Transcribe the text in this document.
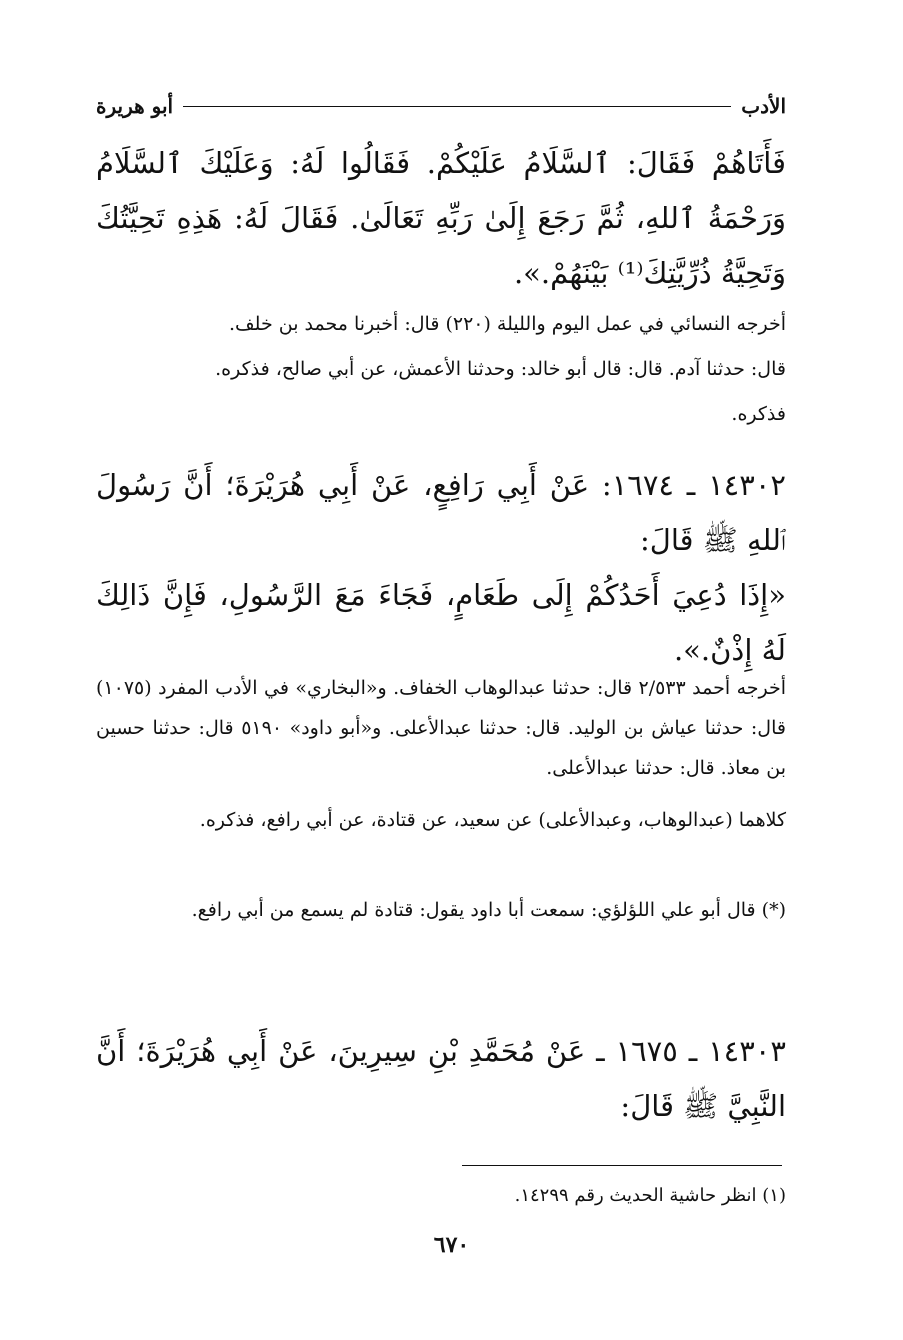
الأدب
أبو هريرة

فَأَتَاهُمْ فَقَالَ: ٱلسَّلَامُ عَلَيْكُمْ. فَقَالُوا لَهُ: وَعَلَيْكَ ٱلسَّلَامُ وَرَحْمَةُ ٱللهِ، ثُمَّ رَجَعَ إِلَىٰ رَبِّهِ تَعَالَىٰ. فَقَالَ لَهُ: هَذِهِ تَحِيَّتُكَ وَتَحِيَّةُ ذُرِّيَّتِكَ⁽¹⁾ بَيْنَهُمْ.».

أخرجه النسائي في عمل اليوم والليلة (٢٢٠) قال: أخبرنا محمد بن خلف.

قال: حدثنا آدم. قال: قال أبو خالد: وحدثنا الأعمش، عن أبي صالح، فذكره.

فذكره.

١٤٣٠٢ ـ ١٦٧٤: عَنْ أَبِي رَافِعٍ، عَنْ أَبِي هُرَيْرَةَ؛ أَنَّ رَسُولَ ٱللهِ ﷺ قَالَ:

«إِذَا دُعِيَ أَحَدُكُمْ إِلَى طَعَامٍ، فَجَاءَ مَعَ الرَّسُولِ، فَإِنَّ ذَالِكَ لَهُ إِذْنٌ.».

أخرجه أحمد ٢/٥٣٣ قال: حدثنا عبدالوهاب الخفاف. و«البخاري» في الأدب المفرد (١٠٧٥) قال: حدثنا عياش بن الوليد. قال: حدثنا عبدالأعلى. و«أبو داود» ٥١٩٠ قال: حدثنا حسين بن معاذ. قال: حدثنا عبدالأعلى.

كلاهما (عبدالوهاب، وعبدالأعلى) عن سعيد، عن قتادة، عن أبي رافع، فذكره.

(*) قال أبو علي اللؤلؤي: سمعت أبا داود يقول: قتادة لم يسمع من أبي رافع.

١٤٣٠٣ ـ ١٦٧٥ ـ عَنْ مُحَمَّدِ بْنِ سِيرِينَ، عَنْ أَبِي هُرَيْرَةَ؛ أَنَّ النَّبِيَّ ﷺ قَالَ:

(١) انظر حاشية الحديث رقم ١٤٢٩٩.
٦٧٠
